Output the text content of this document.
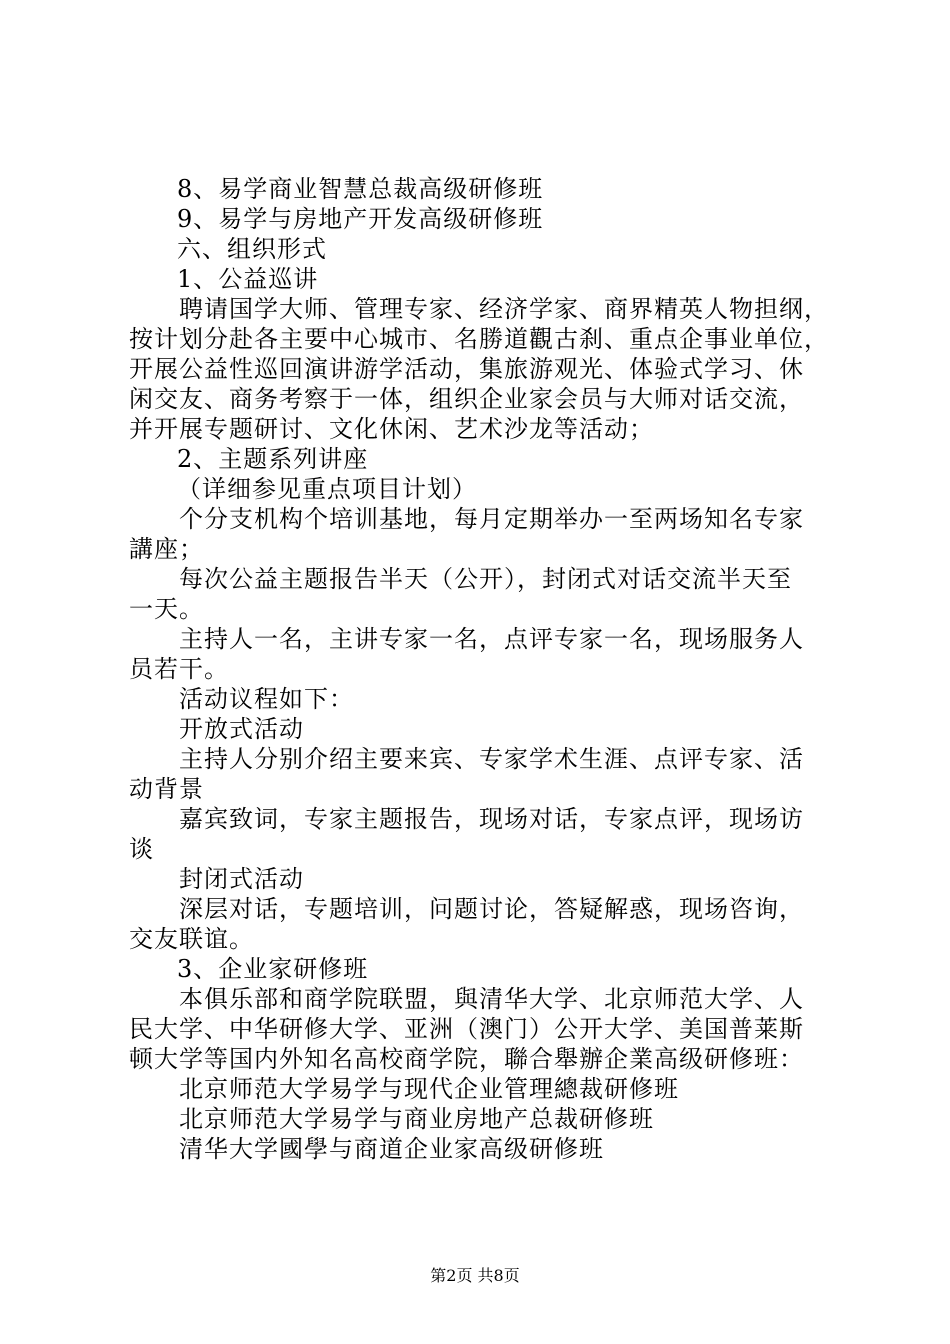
8、易学商业智慧总裁高级研修班
9、易学与房地产开发高级研修班
六、组织形式
1、公益巡讲
聘请国学大师、管理专家、经济学家、商界精英人物担纲，
按计划分赴各主要中心城市、名勝道觀古刹、重点企事业单位，
开展公益性巡回演讲游学活动，集旅游观光、体验式学习、休
闲交友、商务考察于一体，组织企业家会员与大师对话交流，
并开展专题研讨、文化休闲、艺术沙龙等活动；
2、主题系列讲座
（详细参见重点项目计划）
个分支机构个培训基地，每月定期举办一至两场知名专家
講座；
每次公益主题报告半天（公开），封闭式对话交流半天至
一天。
主持人一名，主讲专家一名，点评专家一名，现场服务人
员若干。
活动议程如下：
开放式活动
主持人分别介绍主要来宾、专家学术生涯、点评专家、活
动背景
嘉宾致词，专家主题报告，现场对话，专家点评，现场访
谈
封闭式活动
深层对话，专题培训，问题讨论，答疑解惑，现场咨询，
交友联谊。
3、企业家研修班
本俱乐部和商学院联盟，與清华大学、北京师范大学、人
民大学、中华研修大学、亚洲（澳门）公开大学、美国普莱斯
顿大学等国内外知名高校商学院，聯合舉辦企業高级研修班：
北京师范大学易学与现代企业管理總裁研修班
北京师范大学易学与商业房地产总裁研修班
清华大学國學与商道企业家高级研修班
第2页 共8页
